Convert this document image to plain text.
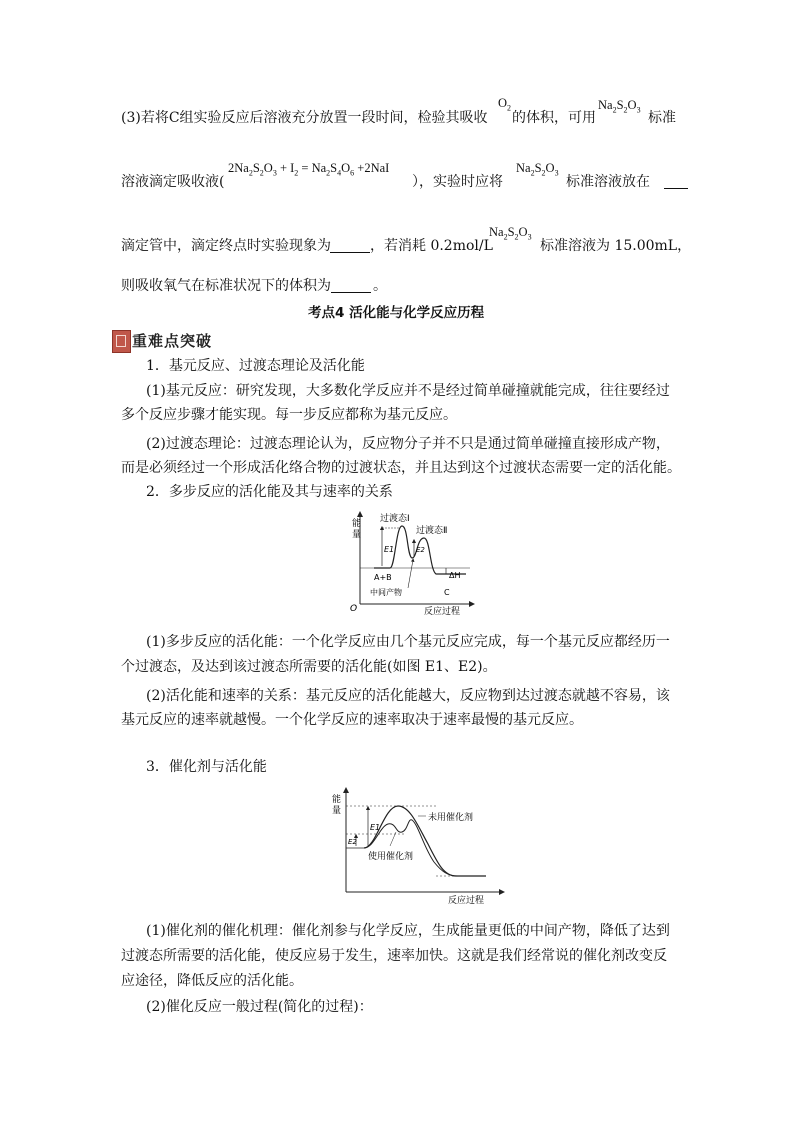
(3)若将C组实验反应后溶液充分放置一段时间，检验其吸收
$O_2$
的体积，可用
$Na_2S_2O_3$ 标准
溶液滴定吸收液(
$2Na_2S_2O_3 + I_2 = Na_2S_4O_6 +2NaI$
），实验时应将
$Na_2S_2O_3$
标准溶液放在
滴定管中，滴定终点时实验现象为	，若消耗 0.2mol/L
$Na_2S_2O_3$
标准溶液为 15.00mL，
则吸收氧气在标准状况下的体积为	。
考点4 活化能与化学反应历程
重难点突破
1．基元反应、过渡态理论及活化能
(1)基元反应：研究发现，大多数化学反应并不是经过简单碰撞就能完成，往往要经过
多个反应步骤才能实现。每一步反应都称为基元反应。
(2)过渡态理论：过渡态理论认为，反应物分子并不只是通过简单碰撞直接形成产物，
而是必须经过一个形成活化络合物的过渡状态，并且达到这个过渡状态需要一定的活化能。
2．多步反应的活化能及其与速率的关系
能
量
过渡态Ⅰ
过渡态Ⅱ
E1	E2
ΔH
A+B
中间产物	C
O	反应过程
(1)多步反应的活化能：一个化学反应由几个基元反应完成，每一个基元反应都经历一
个过渡态，及达到该过渡态所需要的活化能(如图 E1、E2)。
(2)活化能和速率的关系：基元反应的活化能越大，反应物到达过渡态就越不容易，该
基元反应的速率就越慢。一个化学反应的速率取决于速率最慢的基元反应。
3．催化剂与活化能
能
量
E1
E2
未用催化剂
使用催化剂
反应过程
(1)催化剂的催化机理：催化剂参与化学反应，生成能量更低的中间产物，降低了达到
过渡态所需要的活化能，使反应易于发生，速率加快。这就是我们经常说的催化剂改变反
应途径，降低反应的活化能。
(2)催化反应一般过程(简化的过程)：
